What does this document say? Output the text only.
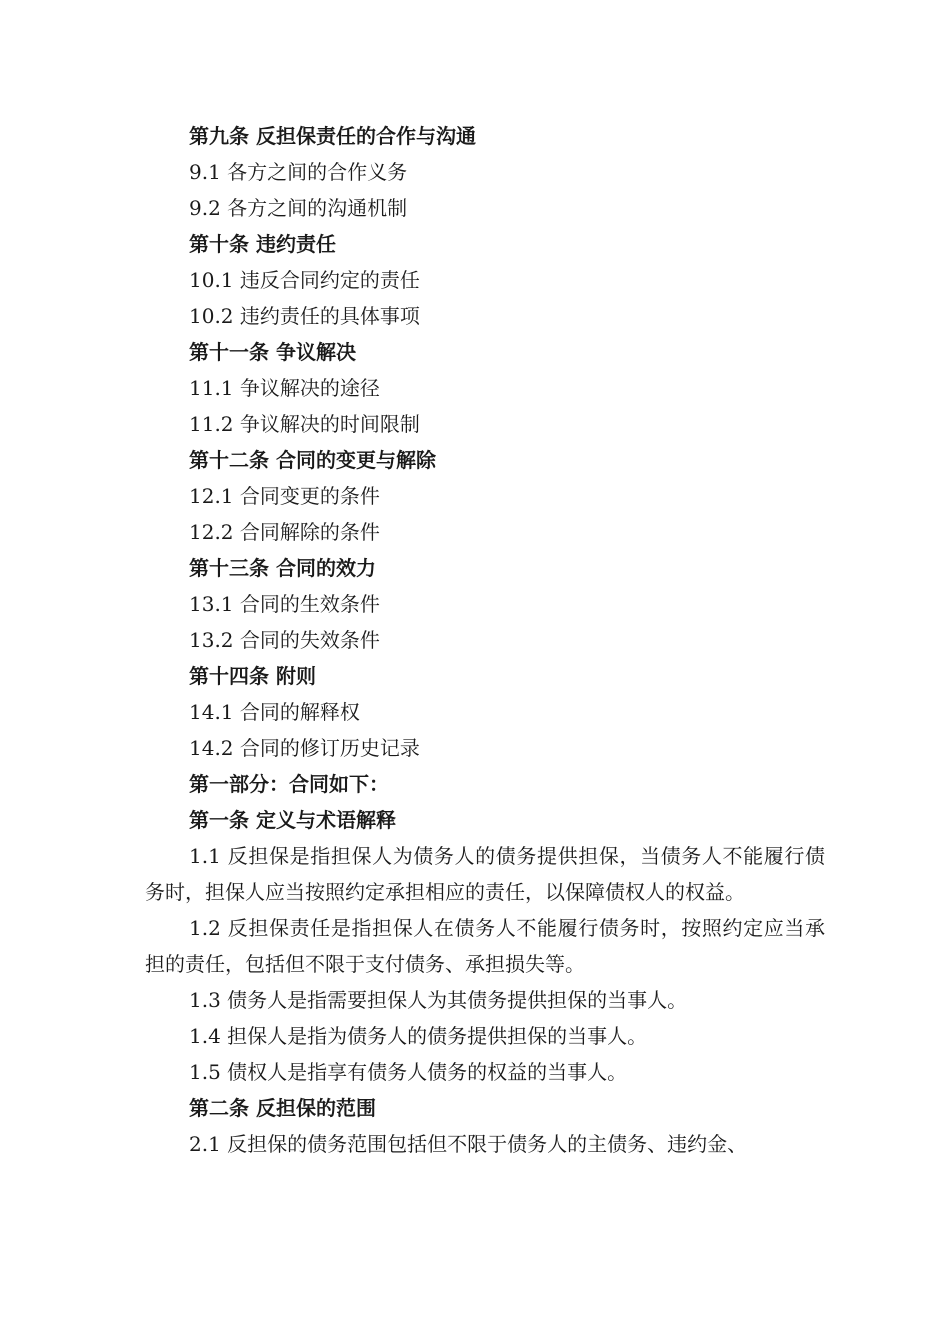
第九条 反担保责任的合作与沟通
9.1 各方之间的合作义务
9.2 各方之间的沟通机制
第十条 违约责任
10.1 违反合同约定的责任
10.2 违约责任的具体事项
第十一条 争议解决
11.1 争议解决的途径
11.2 争议解决的时间限制
第十二条 合同的变更与解除
12.1 合同变更的条件
12.2 合同解除的条件
第十三条 合同的效力
13.1 合同的生效条件
13.2 合同的失效条件
第十四条 附则
14.1 合同的解释权
14.2 合同的修订历史记录
第一部分：合同如下：
第一条 定义与术语解释
1.1 反担保是指担保人为债务人的债务提供担保，当债务人不能履行债务时，担保人应当按照约定承担相应的责任，以保障债权人的权益。
1.2 反担保责任是指担保人在债务人不能履行债务时，按照约定应当承担的责任，包括但不限于支付债务、承担损失等。
1.3 债务人是指需要担保人为其债务提供担保的当事人。
1.4 担保人是指为债务人的债务提供担保的当事人。
1.5 债权人是指享有债务人债务的权益的当事人。
第二条 反担保的范围
2.1 反担保的债务范围包括但不限于债务人的主债务、违约金、
